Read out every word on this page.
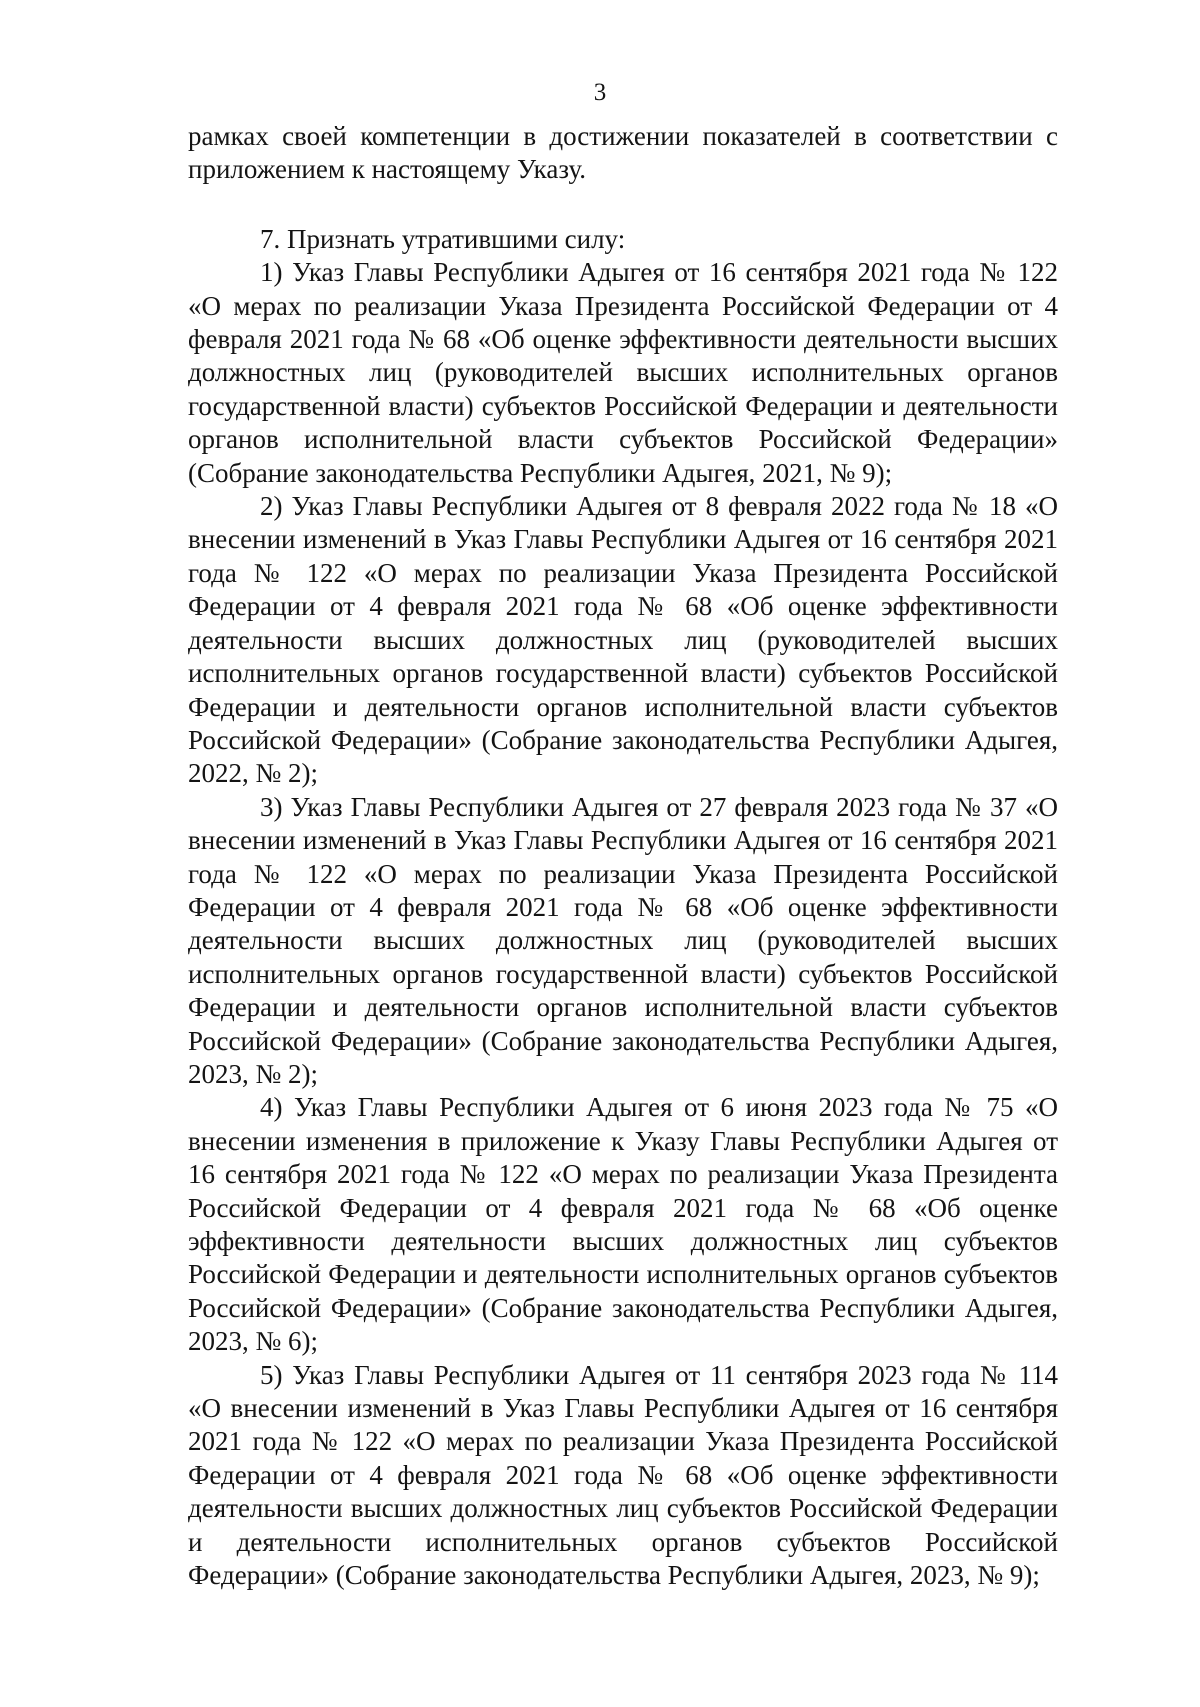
3

рамках своей компетенции в достижении показателей в соответствии с приложением к настоящему Указу.

7. Признать утратившими силу:

1) Указ Главы Республики Адыгея от 16 сентября 2021 года № 122 «О мерах по реализации Указа Президента Российской Федерации от 4 февраля 2021 года № 68 «Об оценке эффективности деятельности высших должностных лиц (руководителей высших исполнительных органов государственной власти) субъектов Российской Федерации и деятельности органов исполнительной власти субъектов Российской Федерации» (Собрание законодательства Республики Адыгея, 2021, № 9);

2) Указ Главы Республики Адыгея от 8 февраля 2022 года № 18 «О внесении изменений в Указ Главы Республики Адыгея от 16 сентября 2021 года № 122 «О мерах по реализации Указа Президента Российской Федерации от 4 февраля 2021 года № 68 «Об оценке эффективности деятельности высших должностных лиц (руководителей высших исполнительных органов государственной власти) субъектов Российской Федерации и деятельности органов исполнительной власти субъектов Российской Федерации» (Собрание законодательства Республики Адыгея, 2022, № 2);

3) Указ Главы Республики Адыгея от 27 февраля 2023 года № 37 «О внесении изменений в Указ Главы Республики Адыгея от 16 сентября 2021 года № 122 «О мерах по реализации Указа Президента Российской Федерации от 4 февраля 2021 года № 68 «Об оценке эффективности деятельности высших должностных лиц (руководителей высших исполнительных органов государственной власти) субъектов Российской Федерации и деятельности органов исполнительной власти субъектов Российской Федерации» (Собрание законодательства Республики Адыгея, 2023, № 2);

4) Указ Главы Республики Адыгея от 6 июня 2023 года № 75 «О внесении изменения в приложение к Указу Главы Республики Адыгея от 16 сентября 2021 года № 122 «О мерах по реализации Указа Президента Российской Федерации от 4 февраля 2021 года № 68 «Об оценке эффективности деятельности высших должностных лиц субъектов Российской Федерации и деятельности исполнительных органов субъектов Российской Федерации» (Собрание законодательства Республики Адыгея, 2023, № 6);

5) Указ Главы Республики Адыгея от 11 сентября 2023 года № 114 «О внесении изменений в Указ Главы Республики Адыгея от 16 сентября 2021 года № 122 «О мерах по реализации Указа Президента Российской Федерации от 4 февраля 2021 года № 68 «Об оценке эффективности деятельности высших должностных лиц субъектов Российской Федерации и деятельности исполнительных органов субъектов Российской Федерации» (Собрание законодательства Республики Адыгея, 2023, № 9);
